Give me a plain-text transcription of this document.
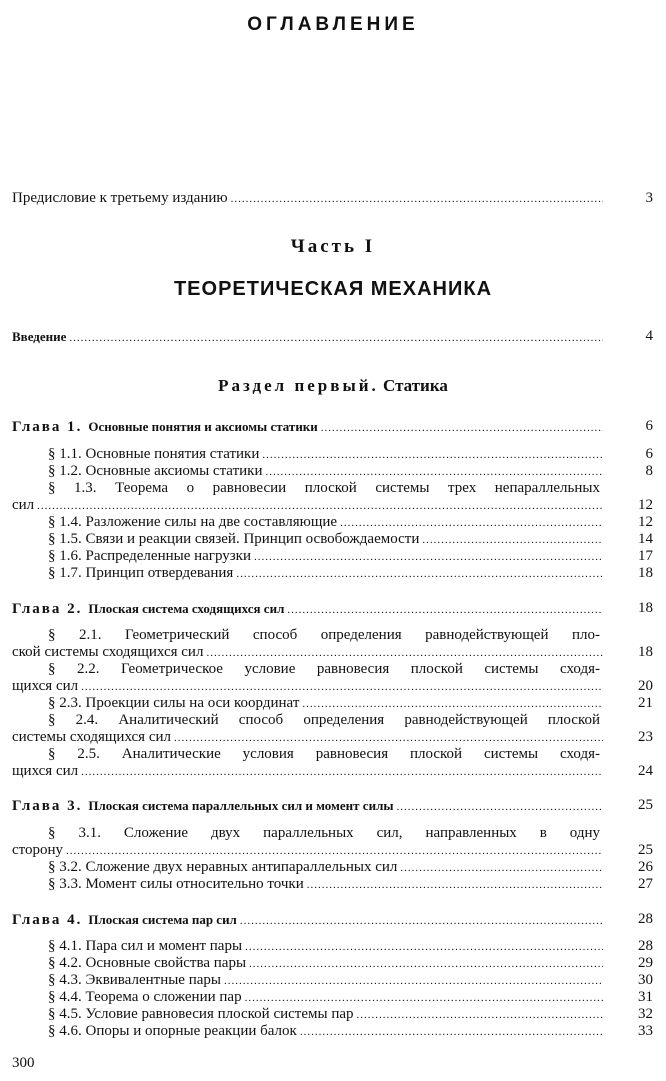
ОГЛАВЛЕНИЕ
Предисловие к третьему изданию .....	3
Часть I
ТЕОРЕТИЧЕСКАЯ МЕХАНИКА
Введение .....	4
Раздел первый. Статика
Глава 1. Основные понятия и аксиомы статики .....	6
§ 1.1. Основные понятия статики .....	6
§ 1.2. Основные аксиомы статики .....	8
§ 1.3. Теорема о равновесии плоской системы трех непараллельных
сил .....	12
§ 1.4. Разложение силы на две составляющие .....	12
§ 1.5. Связи и реакции связей. Принцип освобождаемости .....	14
§ 1.6. Распределенные нагрузки .....	17
§ 1.7. Принцип отвердевания .....	18
Глава 2. Плоская система сходящихся сил .....	18
§ 2.1. Геометрический способ определения равнодействующей пло-
ской системы сходящихся сил .....	18
§ 2.2. Геометрическое условие равновесия плоской системы сходя-
щихся сил .....	20
§ 2.3. Проекции силы на оси координат .....	21
§ 2.4. Аналитический способ определения равнодействующей плоской
системы сходящихся сил .....	23
§ 2.5. Аналитические условия равновесия плоской системы сходя-
щихся сил .....	24
Глава 3. Плоская система параллельных сил и момент силы .....	25
§ 3.1. Сложение двух параллельных сил, направленных в одну
сторону .....	25
§ 3.2. Сложение двух неравных антипараллельных сил .....	26
§ 3.3. Момент силы относительно точки .....	27
Глава 4. Плоская система пар сил .....	28
§ 4.1. Пара сил и момент пары .....	28
§ 4.2. Основные свойства пары .....	29
§ 4.3. Эквивалентные пары .....	30
§ 4.4. Теорема о сложении пар .....	31
§ 4.5. Условие равновесия плоской системы пар .....	32
§ 4.6. Опоры и опорные реакции балок .....	33
300
